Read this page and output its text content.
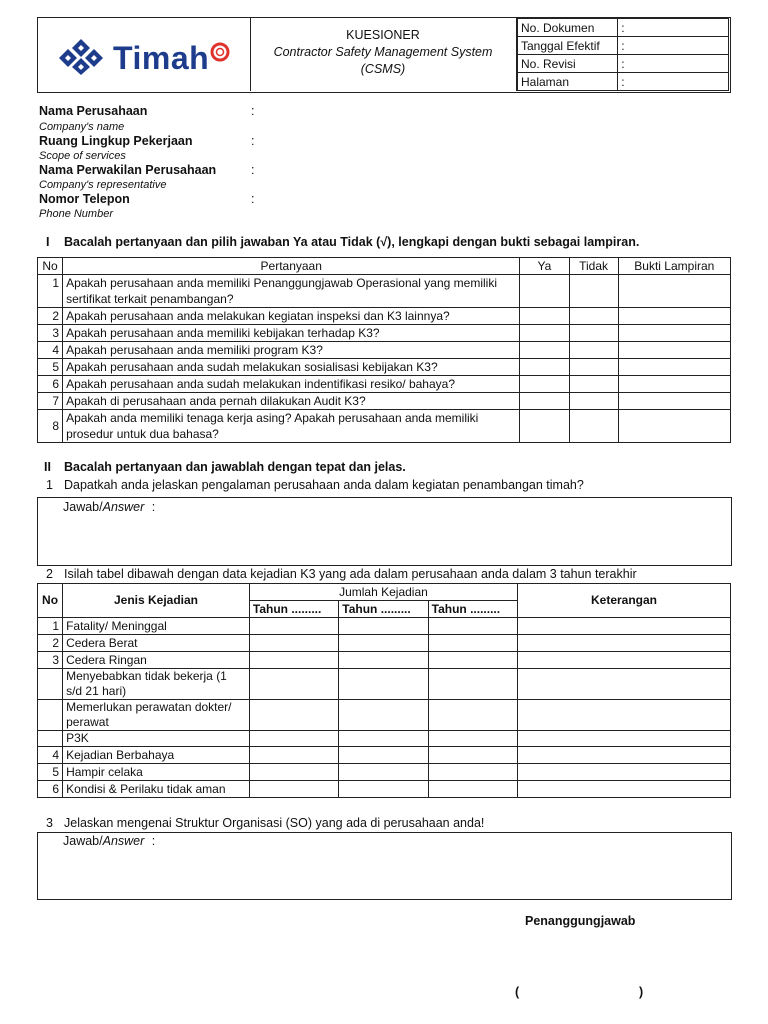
Timah
KUESIONER
Contractor Safety Management System
(CSMS)
No. Dokumen	:
Tanggal Efektif	:
No. Revisi	:
Halaman	:
Nama Perusahaan	:
Company's name
Ruang Lingkup Pekerjaan	:
Scope of services
Nama Perwakilan Perusahaan	:
Company's representative
Nomor Telepon	:
Phone Number
I Bacalah pertanyaan dan pilih jawaban Ya atau Tidak (√), lengkapi dengan bukti sebagai lampiran.
No	Pertanyaan	Ya	Tidak	Bukti Lampiran
1	Apakah perusahaan anda memiliki Penanggungjawab Operasional yang memiliki sertifikat terkait penambangan?			
2	Apakah perusahaan anda melakukan kegiatan inspeksi dan K3 lainnya?			
3	Apakah perusahaan anda memiliki kebijakan terhadap K3?			
4	Apakah perusahaan anda memiliki program K3?			
5	Apakah perusahaan anda sudah melakukan sosialisasi kebijakan K3?			
6	Apakah perusahaan anda sudah melakukan indentifikasi resiko/ bahaya?			
7	Apakah di perusahaan anda pernah dilakukan Audit K3?			
8	Apakah anda memiliki tenaga kerja asing? Apakah perusahaan anda memiliki prosedur untuk dua bahasa?			
II Bacalah pertanyaan dan jawablah dengan tepat dan jelas.
1 Dapatkah anda jelaskan pengalaman perusahaan anda dalam kegiatan penambangan timah?
Jawab/Answer :
2 Isilah tabel dibawah dengan data kejadian K3 yang ada dalam perusahaan anda dalam 3 tahun terakhir
No	Jenis Kejadian	Jumlah Kejadian			Keterangan
		Tahun .........	Tahun .........	Tahun .........	
1	Fatality/ Meninggal				
2	Cedera Berat				
3	Cedera Ringan				
	Menyebabkan tidak bekerja (1 s/d 21 hari)				
	Memerlukan perawatan dokter/ perawat				
	P3K				
4	Kejadian Berbahaya				
5	Hampir celaka				
6	Kondisi & Perilaku tidak aman				
3 Jelaskan mengenai Struktur Organisasi (SO) yang ada di perusahaan anda!
Jawab/Answer :
Penanggungjawab
(	)
